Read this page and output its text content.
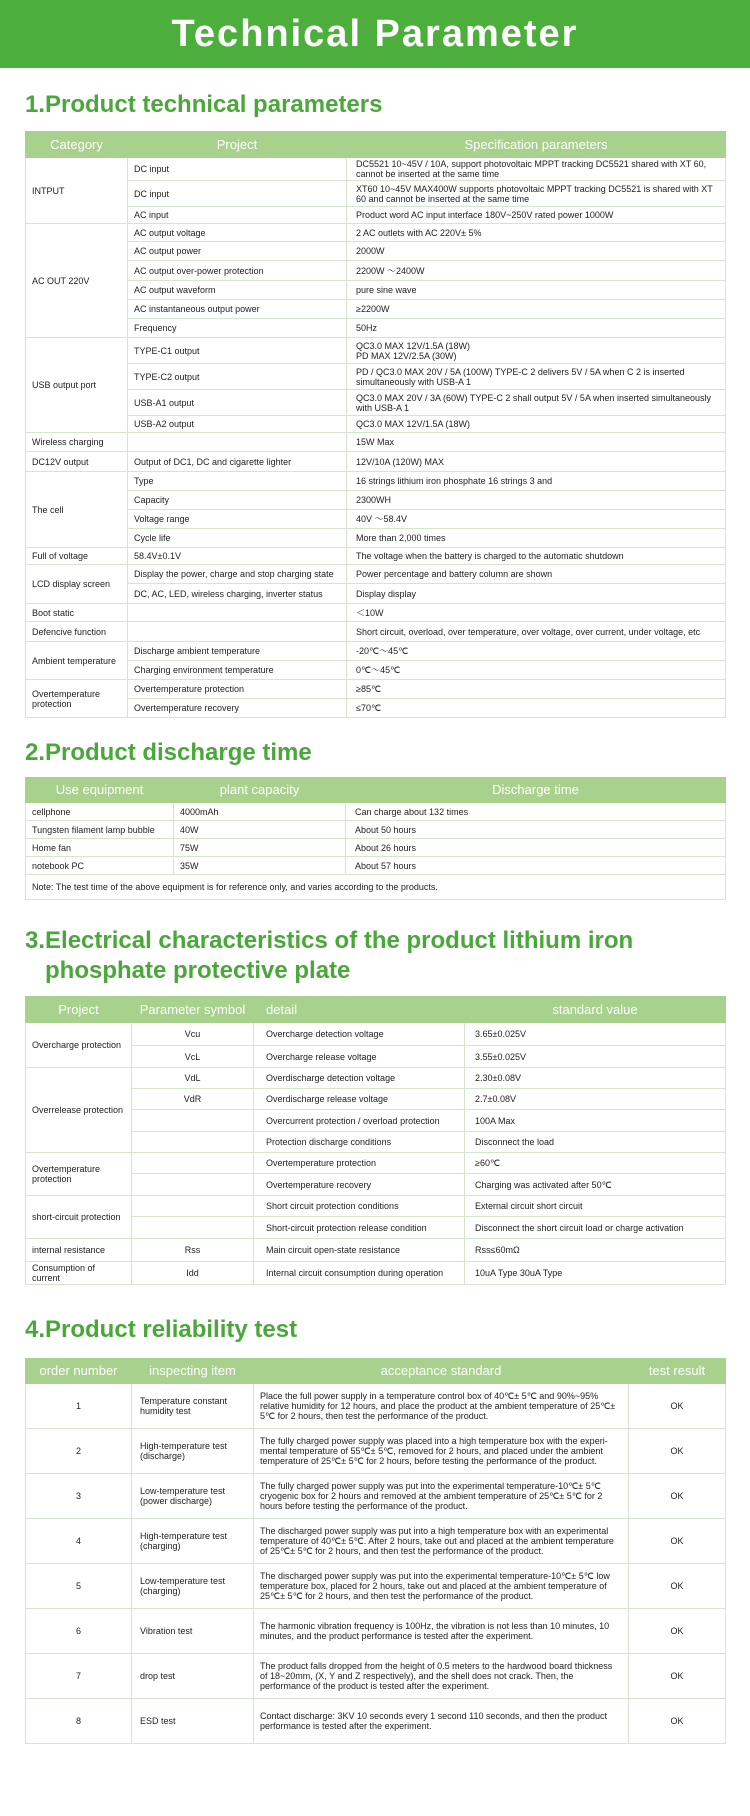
Technical Parameter
1.Product technical parameters
Category	Project	Specification parameters
INTPUT	DC input	DC5521 10~45V / 10A, support photovoltaic MPPT tracking DC5521 shared with XT 60, cannot be inserted at the same time
	DC input	XT60 10~45V MAX400W supports photovoltaic MPPT tracking DC5521 is shared with XT 60 and cannot be inserted at the same time
	AC input	Product word AC input interface 180V~250V rated power 1000W
AC OUT 220V	AC output voltage	2 AC outlets with AC 220V± 5%
	AC output power	2000W
	AC output over-power protection	2200W ～2400W
	AC output waveform	pure sine wave
	AC instantaneous output power	≥2200W
	Frequency	50Hz
USB output port	TYPE-C1 output	QC3.0 MAX 12V/1.5A (18W)
PD MAX 12V/2.5A (30W)
	TYPE-C2 output	PD / QC3.0 MAX 20V / 5A (100W) TYPE-C 2 delivers 5V / 5A when C 2 is inserted simultaneously with USB-A 1
	USB-A1 output	QC3.0 MAX 20V / 3A (60W) TYPE-C 2 shall output 5V / 5A when inserted simultaneously with USB-A 1
	USB-A2 output	QC3.0 MAX 12V/1.5A (18W)
Wireless charging		15W Max
DC12V output	Output of DC1, DC and cigarette lighter	12V/10A (120W) MAX
The cell	Type	16 strings lithium iron phosphate 16 strings 3 and
	Capacity	2300WH
	Voltage range	40V ～58.4V
	Cycle life	More than 2,000 times
Full of voltage	58.4V±0.1V	The voltage when the battery is charged to the automatic shutdown
LCD display screen	Display the power, charge and stop charging state	Power percentage and battery column are shown
	DC, AC, LED, wireless charging, inverter status	Display display
Boot static		＜10W
Defencive function		Short circuit, overload, over temperature, over voltage, over current, under voltage, etc
Ambient temperature	Discharge ambient temperature	-20℃～45℃
	Charging environment temperature	0℃～45℃
Overtemperature protection	Overtemperature protection	≥85℃
	Overtemperature recovery	≤70℃
2.Product discharge time
Use equipment	plant capacity	Discharge time
cellphone	4000mAh	Can charge about 132 times
Tungsten filament lamp bubble	40W	About 50 hours
Home fan	75W	About 26 hours
notebook PC	35W	About 57 hours
Note: The test time of the above equipment is for reference only, and varies according to the products.		
3.Electrical characteristics of the product lithium iron
phosphate protective plate
Project	Parameter symbol	detail	standard value
Overcharge protection	Vcu	Overcharge detection voltage	3.65±0.025V
	VcL	Overcharge release voltage	3.55±0.025V
Overrelease protection	VdL	Overdischarge detection voltage	2.30±0.08V
	VdR	Overdischarge release voltage	2.7±0.08V
		Overcurrent protection / overload protection	100A Max
		Protection discharge conditions	Disconnect the load
Overtemperature protection		Overtemperature protection	≥60℃
		Overtemperature recovery	Charging was activated after 50℃
short-circuit protection		Short circuit protection conditions	External circuit short circuit
		Short-circuit protection release condition	Disconnect the short circuit load or charge activation
internal resistance	Rss	Main circuit open-state resistance	Rss≤60mΩ
Consumption of current	Idd	Internal circuit consumption during operation	10uA Type 30uA Type
4.Product reliability test
order number	inspecting item	acceptance standard	test result
1	Temperature constant humidity test	Place the full power supply in a temperature control box of 40℃± 5℃ and 90%~95% relative humidity for 12 hours, and place the product at the ambient temperature of 25℃± 5℃ for 2 hours, then test the performance of the product.	OK
2	High-temperature test (discharge)	The fully charged power supply was placed into a high temperature box with the experi-mental temperature of 55℃± 5℃, removed for 2 hours, and placed under the ambient temperature of 25℃± 5℃ for 2 hours, before testing the performance of the product.	OK
3	Low-temperature test (power discharge)	The fully charged power supply was put into the experimental temperature-10℃± 5℃ cryogenic box for 2 hours and removed at the ambient temperature of 25℃± 5℃ for 2 hours before testing the performance of the product.	OK
4	High-temperature test (charging)	The discharged power supply was put into a high temperature box with an experimental temperature of 40℃± 5℃. After 2 hours, take out and placed at the ambient temperature of 25℃± 5℃ for 2 hours, and then test the performance of the product.	OK
5	Low-temperature test (charging)	The discharged power supply was put into the experimental temperature-10℃± 5℃ low temperature box, placed for 2 hours, take out and placed at the ambient temperature of 25℃± 5℃ for 2 hours, and then test the performance of the product.	OK
6	Vibration test	The harmonic vibration frequency is 100Hz, the vibration is not less than 10 minutes, 10 minutes, and the product performance is tested after the experiment.	OK
7	drop test	The product falls dropped from the height of 0.5 meters to the hardwood board thickness of 18~20mm, (X, Y and Z respectively), and the shell does not crack. Then, the performance of the product is tested after the experiment.	OK
8	ESD test	Contact discharge: 3KV 10 seconds every 1 second 110 seconds, and then the product performance is tested after the experiment.	OK
